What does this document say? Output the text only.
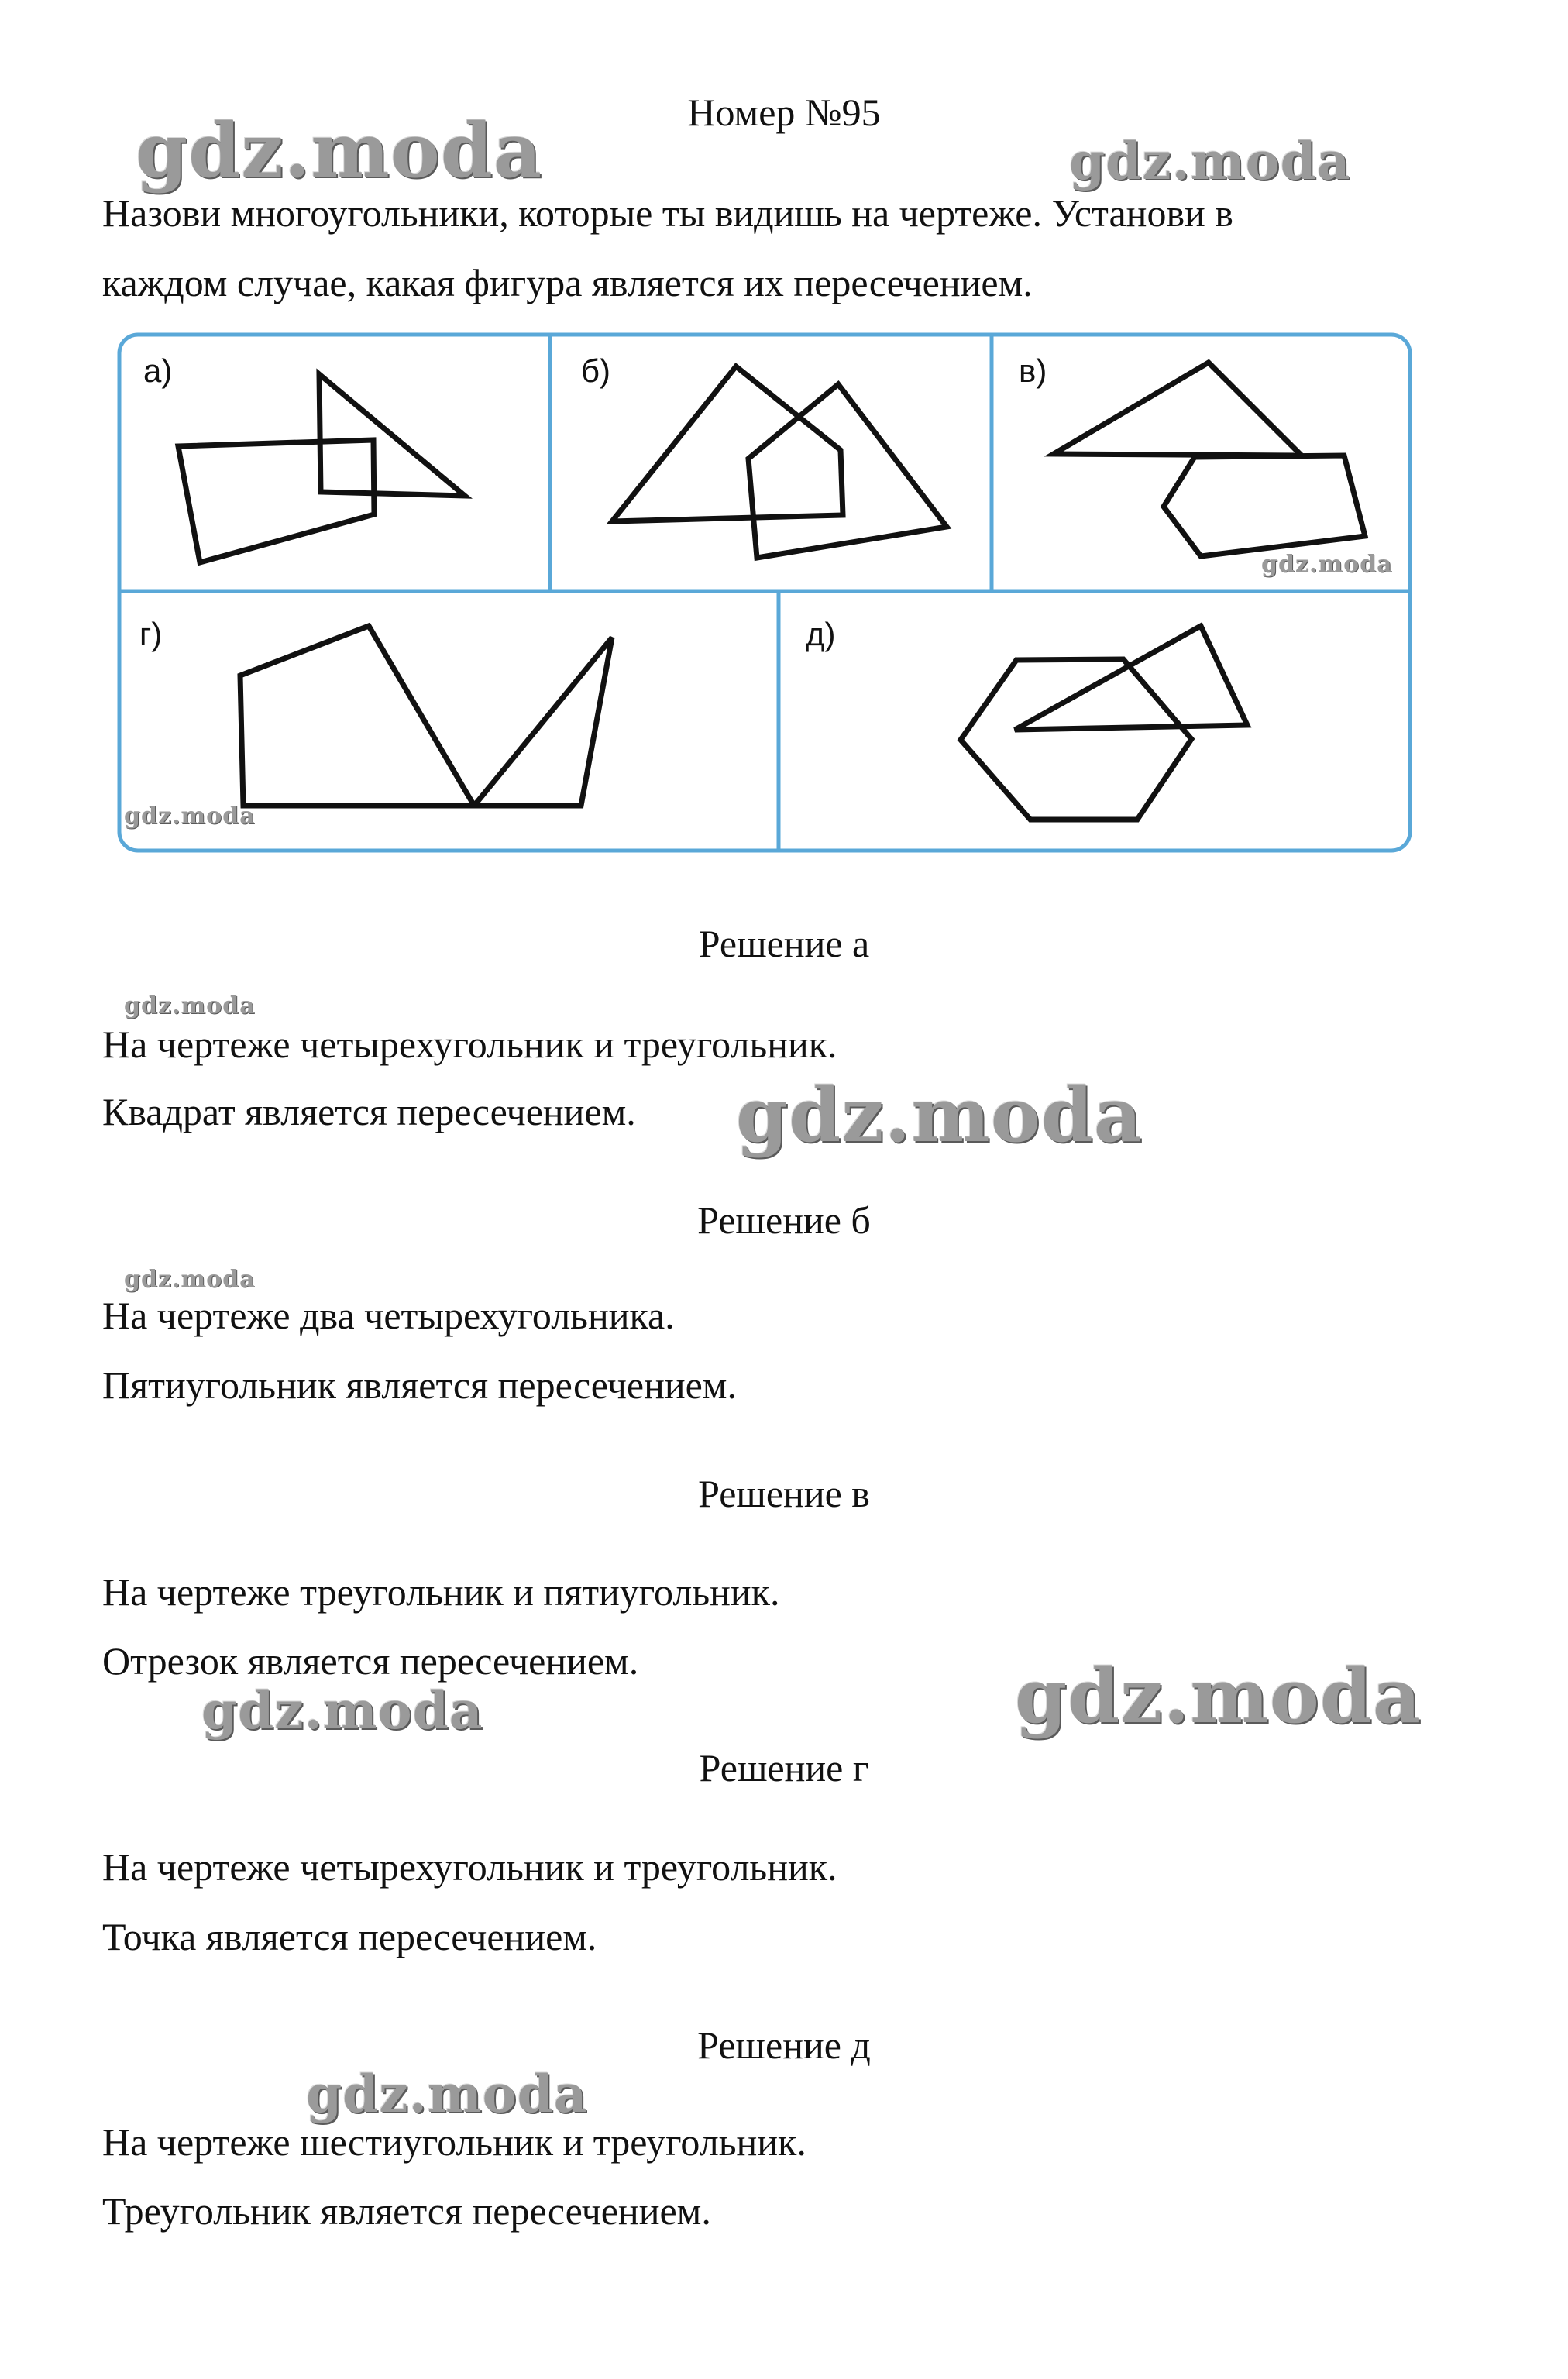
Номер №95
Назови многоугольники, которые ты видишь на чертеже. Установи в
каждом случае, какая фигура является их пересечением.
а)	б)	в)
г)	д)
Решение а
На чертеже четырехугольник и треугольник.
Квадрат является пересечением.
Решение б
На чертеже два четырехугольника.
Пятиугольник является пересечением.
Решение в
На чертеже треугольник и пятиугольник.
Отрезок является пересечением.
Решение г
На чертеже четырехугольник и треугольник.
Точка является пересечением.
Решение д
На чертеже шестиугольник и треугольник.
Треугольник является пересечением.
gdz.moda	gdz.moda
gdz.moda
gdz.moda
gdz.moda
gdz.moda
gdz.moda
gdz.moda	gdz.moda
gdz.moda
